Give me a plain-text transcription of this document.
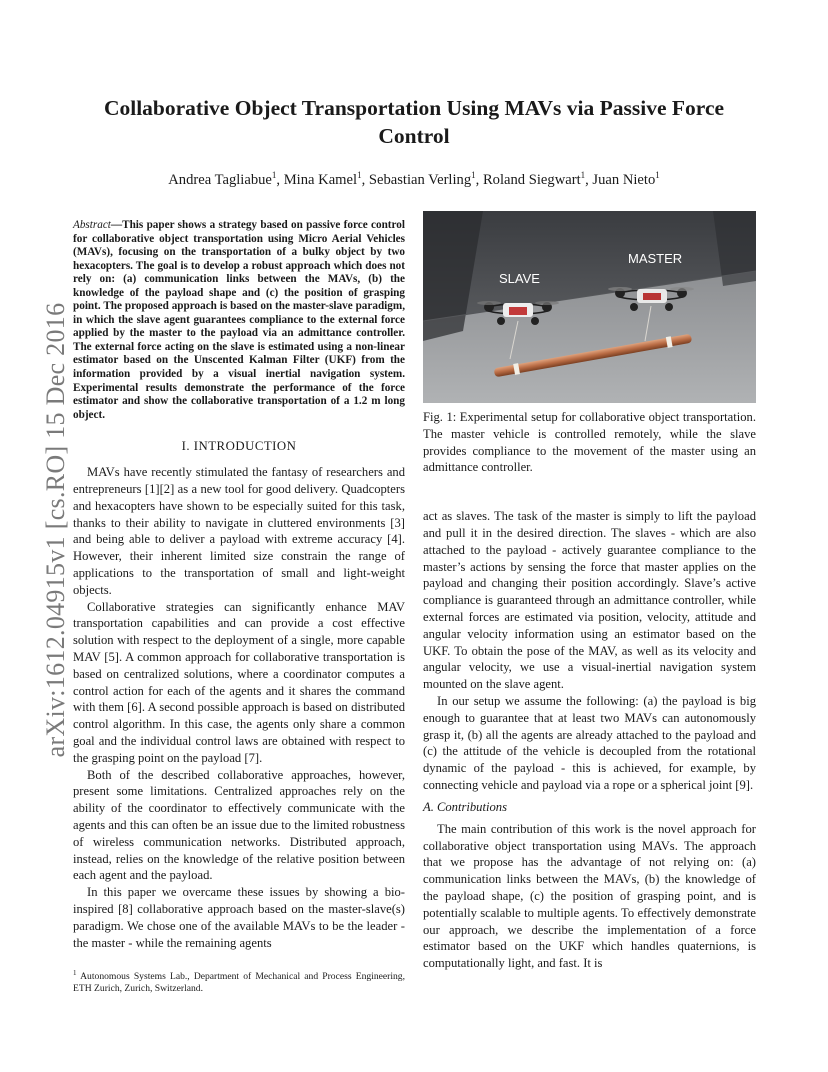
arXiv:1612.04915v1 [cs.RO] 15 Dec 2016
Collaborative Object Transportation Using MAVs via Passive Force Control
Andrea Tagliabue$^1$, Mina Kamel$^1$, Sebastian Verling$^1$, Roland Siegwart$^1$, Juan Nieto$^1$
Abstract—This paper shows a strategy based on passive force control for collaborative object transportation using Micro Aerial Vehicles (MAVs), focusing on the transportation of a bulky object by two hexacopters. The goal is to develop a robust approach which does not rely on: (a) communication links between the MAVs, (b) the knowledge of the payload shape and (c) the position of grasping point. The proposed approach is based on the master-slave paradigm, in which the slave agent guarantees compliance to the external force applied by the master to the payload via an admittance controller. The external force acting on the slave is estimated using a non-linear estimator based on the Unscented Kalman Filter (UKF) from the information provided by a visual inertial navigation system. Experimental results demonstrate the performance of the force estimator and show the collaborative transportation of a 1.2 m long object.
I. INTRODUCTION

MAVs have recently stimulated the fantasy of researchers and entrepreneurs [1][2] as a new tool for good delivery. Quadcopters and hexacopters have shown to be especially suited for this task, thanks to their ability to navigate in cluttered environments [3] and being able to deliver a payload with extreme accuracy [4]. However, their inherent limited size constrain the range of applications to the transportation of small and light-weight objects.

Collaborative strategies can significantly enhance MAV transportation capabilities and can provide a cost effective solution with respect to the deployment of a single, more capable MAV [5]. A common approach for collaborative transportation is based on centralized solutions, where a coordinator computes a control action for each of the agents and it shares the command with them [6]. A second possible approach is based on distributed control algorithm. In this case, the agents only share a common goal and the individual control laws are obtained with respect to the grasping point on the payload [7].

Both of the described collaborative approaches, however, present some limitations. Centralized approaches rely on the ability of the coordinator to effectively communicate with the agents and this can often be an issue due to the limited robustness of wireless communication networks. Distributed approach, instead, relies on the knowledge of the relative position between each agent and the payload.

In this paper we overcame these issues by showing a bio-inspired [8] collaborative approach based on the master-slave(s) paradigm. We chose one of the available MAVs to be the leader - the master - while the remaining agents

$^1$ Autonomous Systems Lab., Department of Mechanical and Process Engineering, ETH Zurich, Zurich, Switzerland.
MASTER
SLAVE
Fig. 1: Experimental setup for collaborative object transportation. The master vehicle is controlled remotely, while the slave provides compliance to the movement of the master using an admittance controller.

act as slaves. The task of the master is simply to lift the payload and pull it in the desired direction. The slaves - which are also attached to the payload - actively guarantee compliance to the master’s actions by sensing the force that master applies on the payload and changing their position accordingly. Slave’s active compliance is guaranteed through an admittance controller, while external forces are estimated via position, velocity, attitude and angular velocity information using an estimator based on the UKF. To obtain the pose of the MAV, as well as its velocity and angular velocity, we use a visual-inertial navigation system mounted on the slave agent.

In our setup we assume the following: (a) the payload is big enough to guarantee that at least two MAVs can autonomously grasp it, (b) all the agents are already attached to the payload and (c) the attitude of the vehicle is decoupled from the rotational dynamic of the payload - this is achieved, for example, by connecting vehicle and payload via a rope or a spherical joint [9].

A. Contributions

The main contribution of this work is the novel approach for collaborative object transportation using MAVs. The approach that we propose has the advantage of not relying on: (a) communication links between the MAVs, (b) the knowledge of the payload shape, (c) the position of grasping point, and is potentially scalable to multiple agents. To effectively demonstrate our approach, we describe the implementation of a force estimator based on the UKF which handles quaternions, is computationally light, and fast. It is
